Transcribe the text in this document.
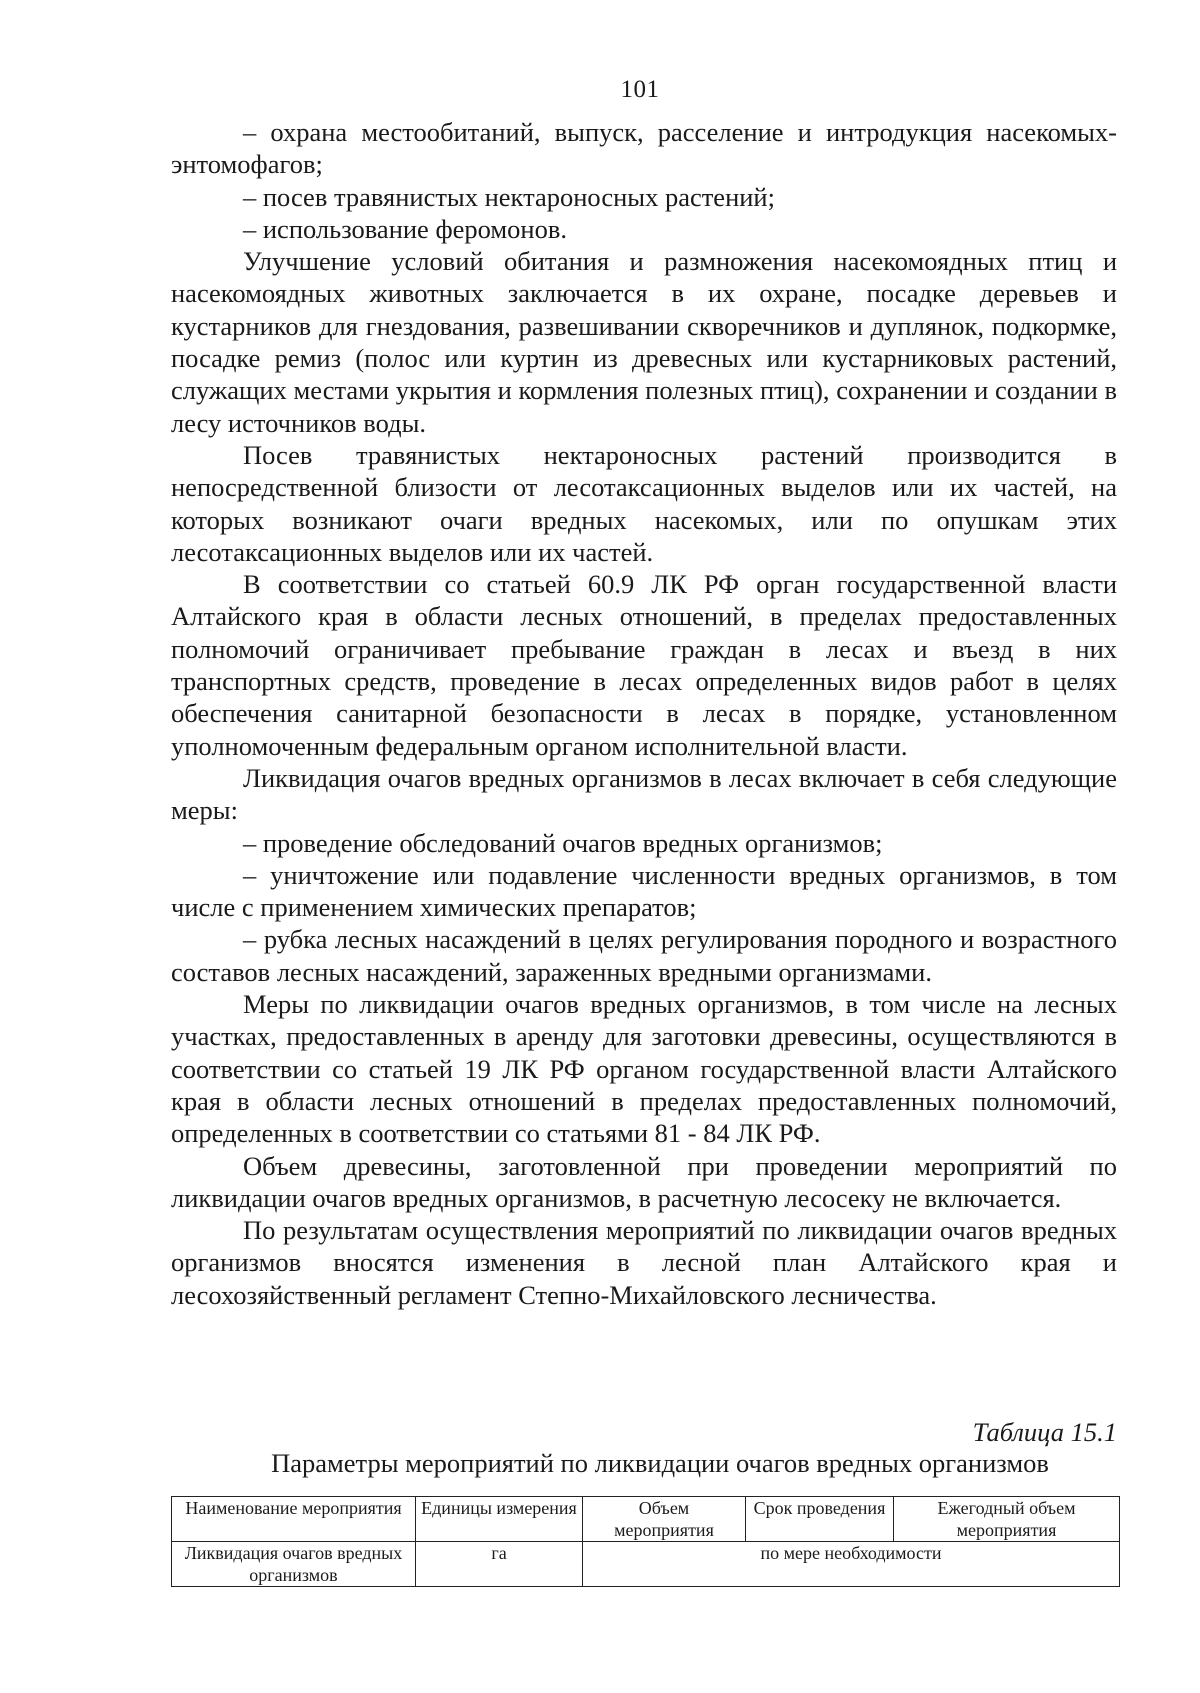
101

– охрана местообитаний, выпуск, расселение и интродукция насекомых-энтомофагов;

– посев травянистых нектароносных растений;

– использование феромонов.

Улучшение условий обитания и размножения насекомоядных птиц и насекомоядных животных заключается в их охране, посадке деревьев и кустарников для гнездования, развешивании скворечников и дуплянок, подкормке, посадке ремиз (полос или куртин из древесных или кустарниковых растений, служащих местами укрытия и кормления полезных птиц), сохранении и создании в лесу источников воды.

Посев травянистых нектароносных растений производится в непосредственной близости от лесотаксационных выделов или их частей, на которых возникают очаги вредных насекомых, или по опушкам этих лесотаксационных выделов или их частей.

В соответствии со статьей 60.9 ЛК РФ орган государственной власти Алтайского края в области лесных отношений, в пределах предоставленных полномочий ограничивает пребывание граждан в лесах и въезд в них транспортных средств, проведение в лесах определенных видов работ в целях обеспечения санитарной безопасности в лесах в порядке, установленном уполномоченным федеральным органом исполнительной власти.

Ликвидация очагов вредных организмов в лесах включает в себя следующие меры:

– проведение обследований очагов вредных организмов;

– уничтожение или подавление численности вредных организмов, в том числе с применением химических препаратов;

– рубка лесных насаждений в целях регулирования породного и возрастного составов лесных насаждений, зараженных вредными организмами.

Меры по ликвидации очагов вредных организмов, в том числе на лесных участках, предоставленных в аренду для заготовки древесины, осуществляются в соответствии со статьей 19 ЛК РФ органом государственной власти Алтайского края в области лесных отношений в пределах предоставленных полномочий, определенных в соответствии со статьями 81 - 84 ЛК РФ.

Объем древесины, заготовленной при проведении мероприятий по ликвидации очагов вредных организмов, в расчетную лесосеку не включается.

По результатам осуществления мероприятий по ликвидации очагов вредных организмов вносятся изменения в лесной план Алтайского края и лесохозяйственный регламент Степно-Михайловского лесничества.

Таблица 15.1
Параметры мероприятий по ликвидации очагов вредных организмов
Наименование мероприятия	Единицы измерения	Объем мероприятия	Срок проведения	Ежегодный объем мероприятия
Ликвидация очагов вредных организмов	га	по мере необходимости		
